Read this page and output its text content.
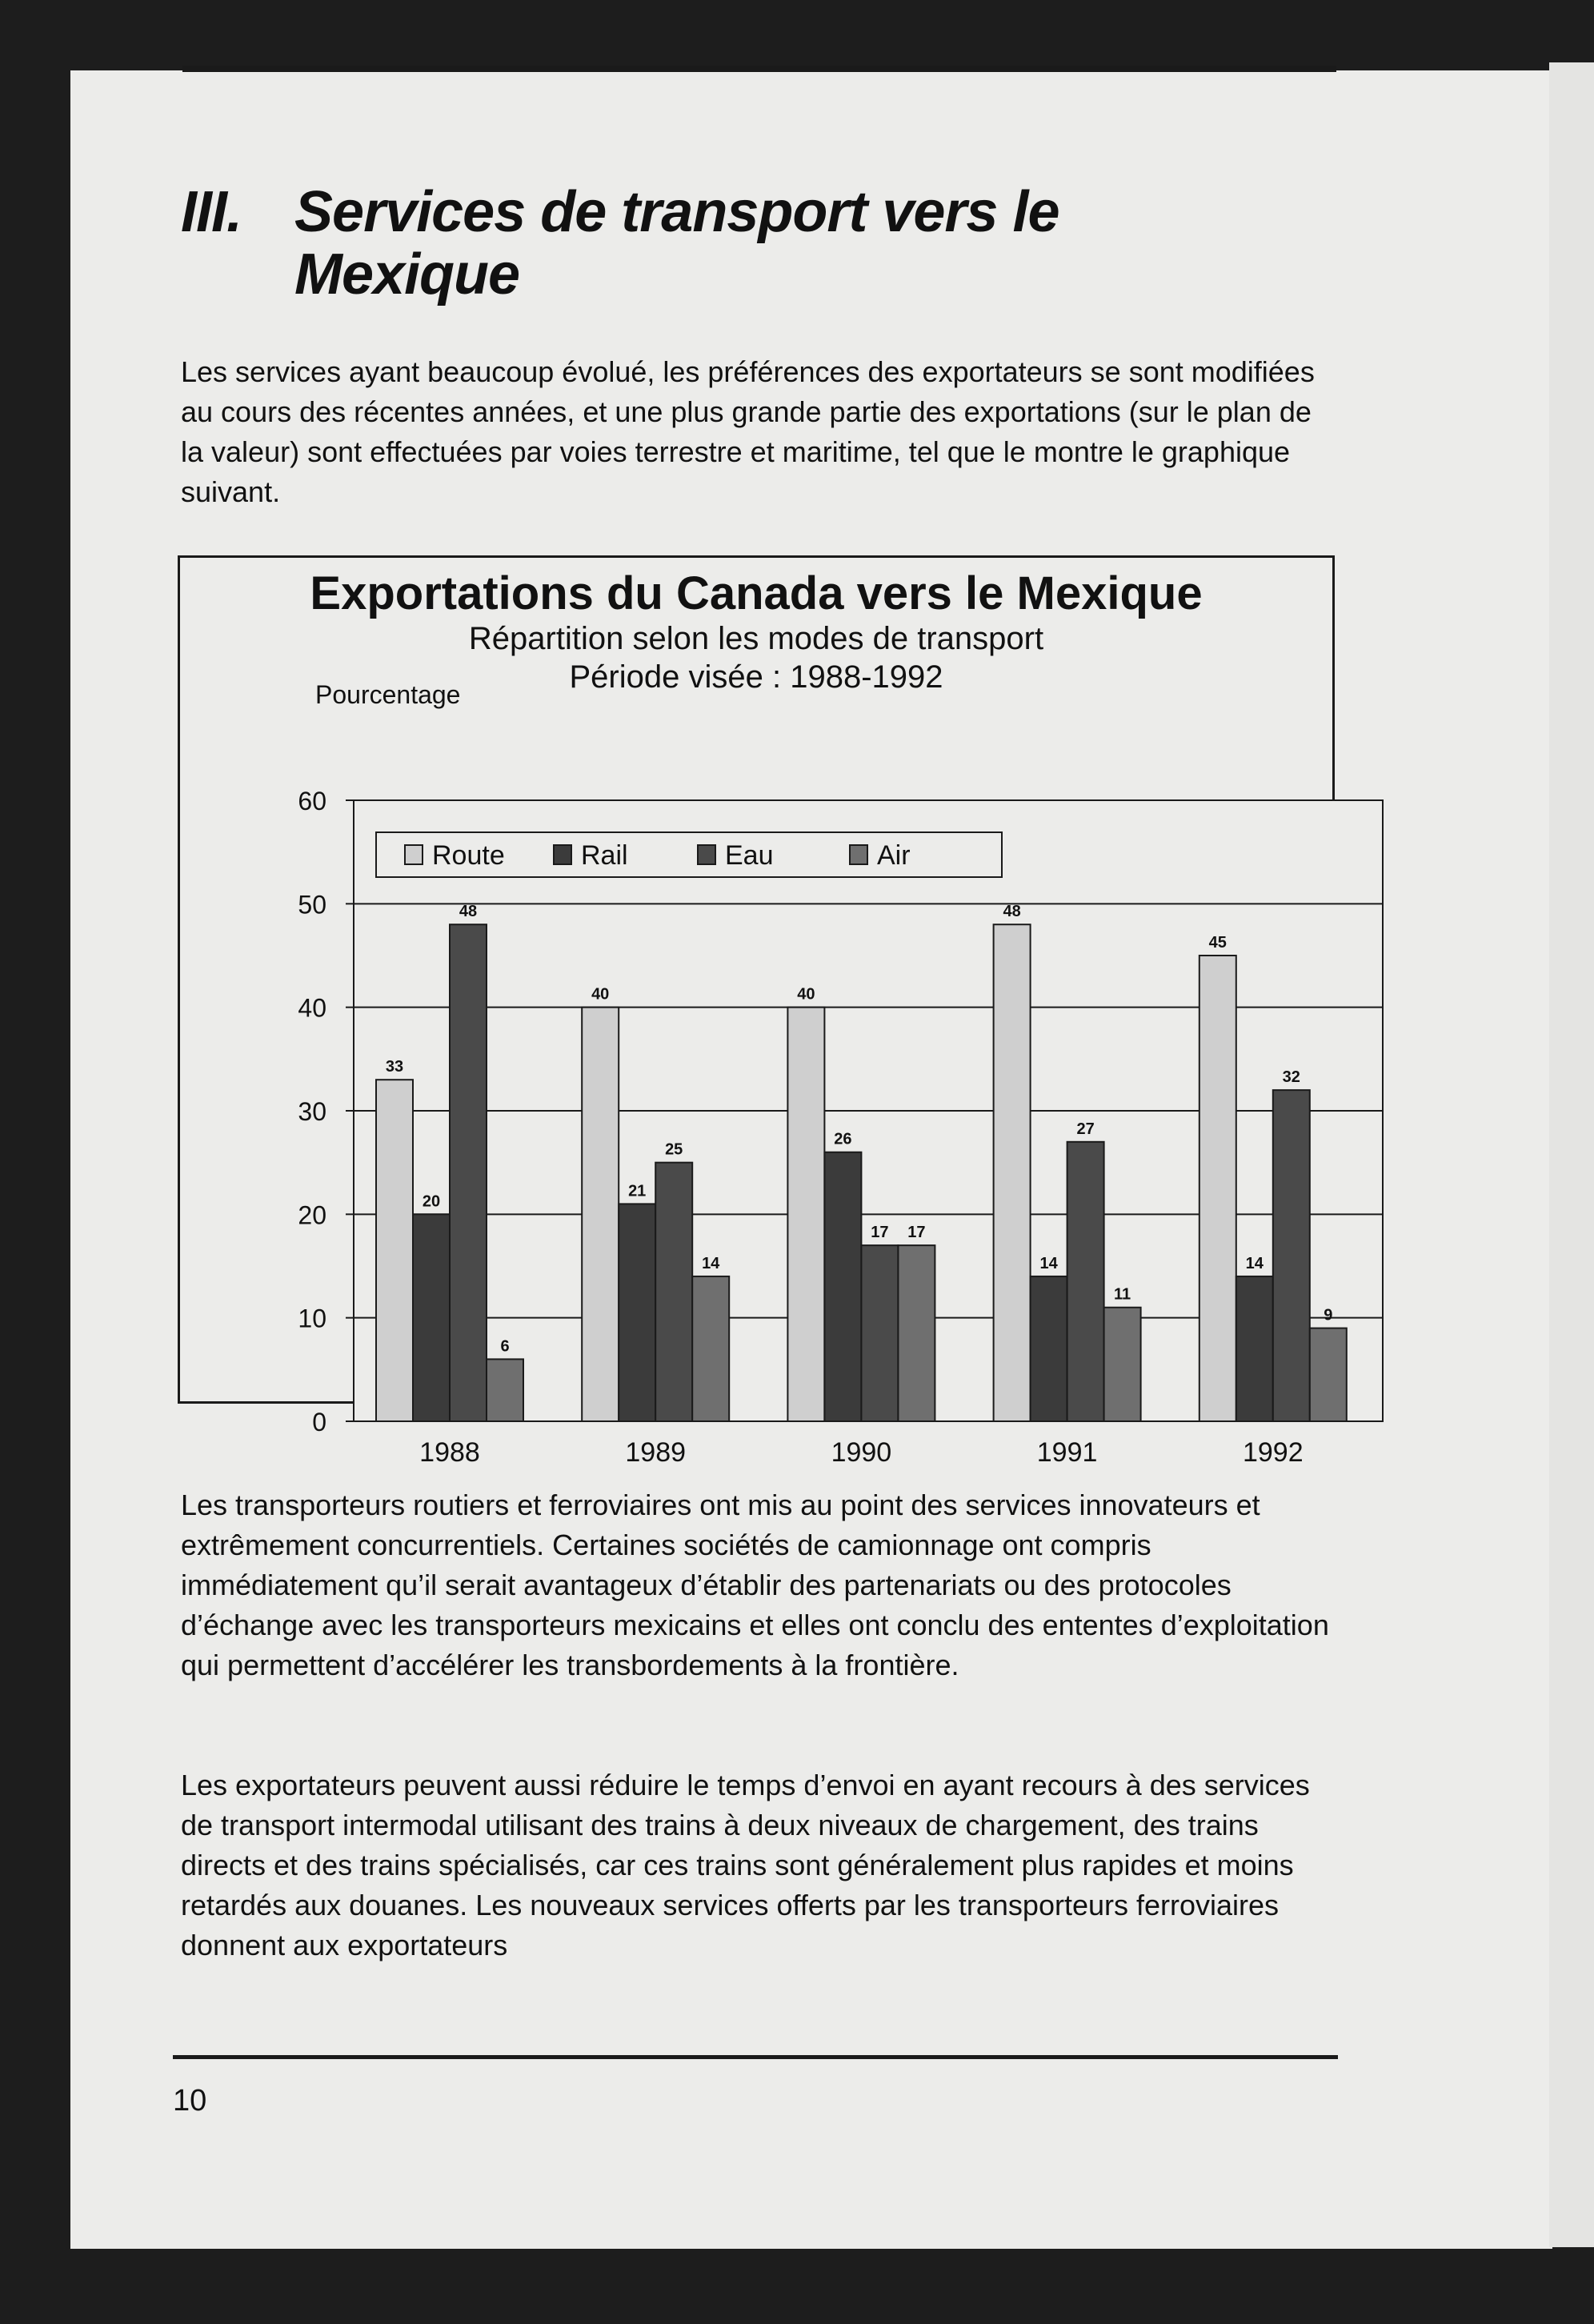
III. Services de transport vers le
Mexique

Les services ayant beaucoup évolué, les préférences des exportateurs se sont modifiées au cours des récentes années, et une plus grande partie des exportations (sur le plan de la valeur) sont effectuées par voies terrestre et maritime, tel que le montre le graphique suivant.

Exportations du Canada vers le Mexique
Répartition selon les modes de transport
Période visée : 1988-1992
Pourcentage
0
10
20
30
40
50
60
Route	Rail	Eau	Air
33
20
48
6
1988
40
21
25
14
1989
40
26
17 17
1990
48
14
27
11
1991
45
14
32
9
1992

Les transporteurs routiers et ferroviaires ont mis au point des services innovateurs et extrêmement concurrentiels. Certaines sociétés de camionnage ont compris immédiatement qu’il serait avantageux d’établir des partenariats ou des protocoles d’échange avec les transporteurs mexicains et elles ont conclu des ententes d’exploitation qui permettent d’accélérer les transbordements à la frontière.

Les exportateurs peuvent aussi réduire le temps d’envoi en ayant recours à des services de transport intermodal utilisant des trains à deux niveaux de chargement, des trains directs et des trains spécialisés, car ces trains sont généralement plus rapides et moins retardés aux douanes. Les nouveaux services offerts par les transporteurs ferroviaires donnent aux exportateurs

10
